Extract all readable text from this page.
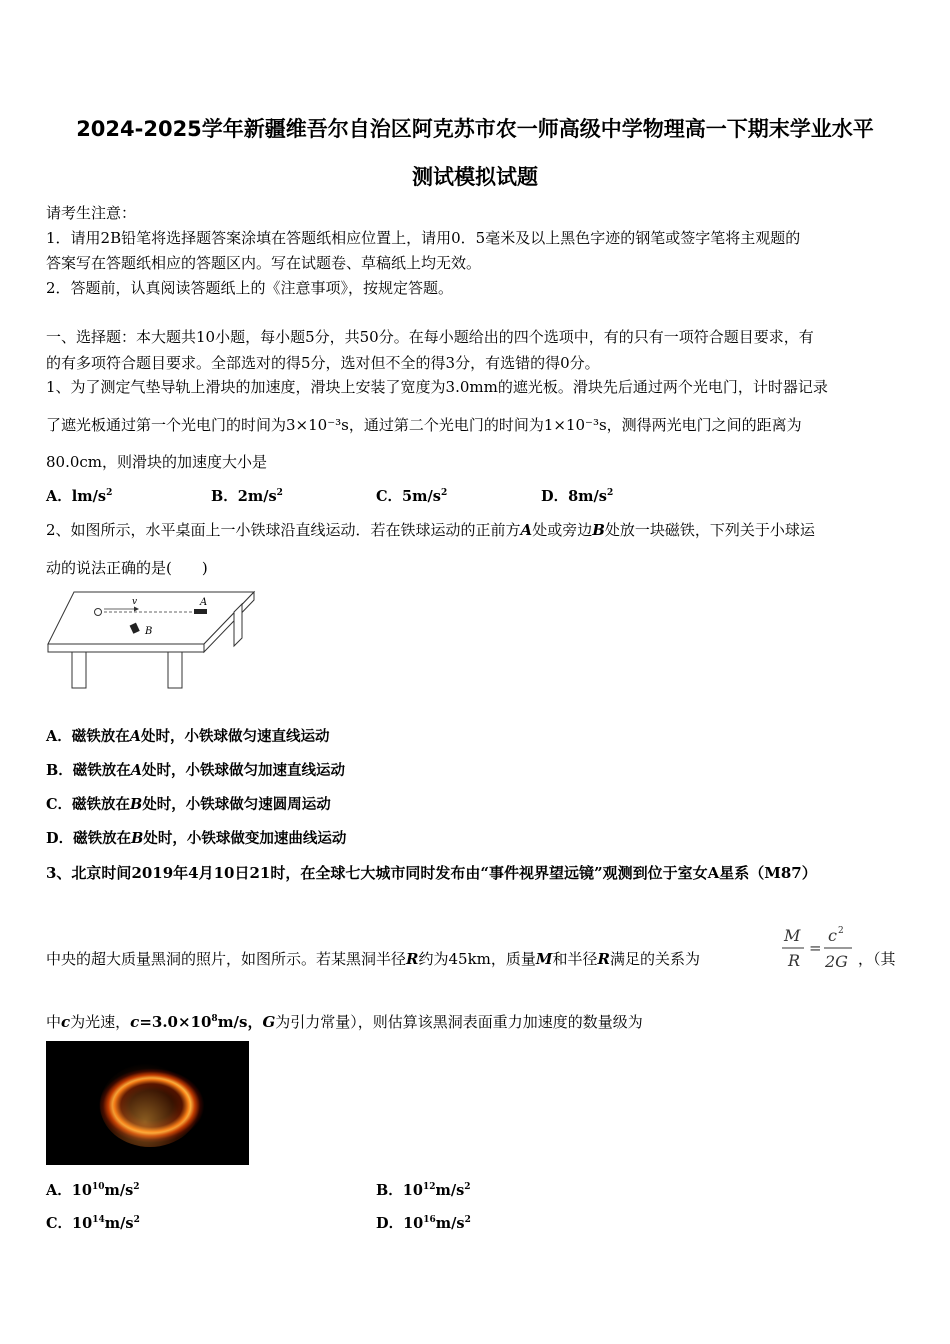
2024-2025学年新疆维吾尔自治区阿克苏市农一师高级中学物理高一下期末学业水平
测试模拟试题
请考生注意：
1．请用2B铅笔将选择题答案涂填在答题纸相应位置上，请用0．5毫米及以上黑色字迹的钢笔或签字笔将主观题的
答案写在答题纸相应的答题区内。写在试题卷、草稿纸上均无效。
2．答题前，认真阅读答题纸上的《注意事项》，按规定答题。
一、选择题：本大题共10小题，每小题5分，共50分。在每小题给出的四个选项中，有的只有一项符合题目要求，有
的有多项符合题目要求。全部选对的得5分，选对但不全的得3分，有选错的得0分。
1、为了测定气垫导轨上滑块的加速度，滑块上安装了宽度为3.0mm的遮光板。滑块先后通过两个光电门，计时器记录
了遮光板通过第一个光电门的时间为3×10⁻³s，通过第二个光电门的时间为1×10⁻³s，测得两光电门之间的距离为
80.0cm，则滑块的加速度大小是
A．$lm/s^2$	B．$2m/s^2$	C．$5m/s^2$	D．$8m/s^2$
2、如图所示，水平桌面上一小铁球沿直线运动．若在铁球运动的正前方A处或旁边B处放一块磁铁，下列关于小球运
动的说法正确的是(　　)
v	A
B
A．磁铁放在A处时，小铁球做匀速直线运动
B．磁铁放在A处时，小铁球做匀加速直线运动
C．磁铁放在B处时，小铁球做匀速圆周运动
D．磁铁放在B处时，小铁球做变加速曲线运动
3、北京时间2019年4月10日21时，在全球七大城市同时发布由“事件视界望远镜”观测到位于室女A星系（M87）
中央的超大质量黑洞的照片，如图所示。若某黑洞半径R约为45km，质量M和半径R满足的关系为
M
R
=
c 2
2G ，（其
中c为光速，$c=3.0\times 10^8m/s$，G为引力常量），则估算该黑洞表面重力加速度的数量级为
A．$10^{10}m/s^2$	B．$10^{12}m/s^2$
C．$10^{14}m/s^2$	D．$10^{16}m/s^2$
